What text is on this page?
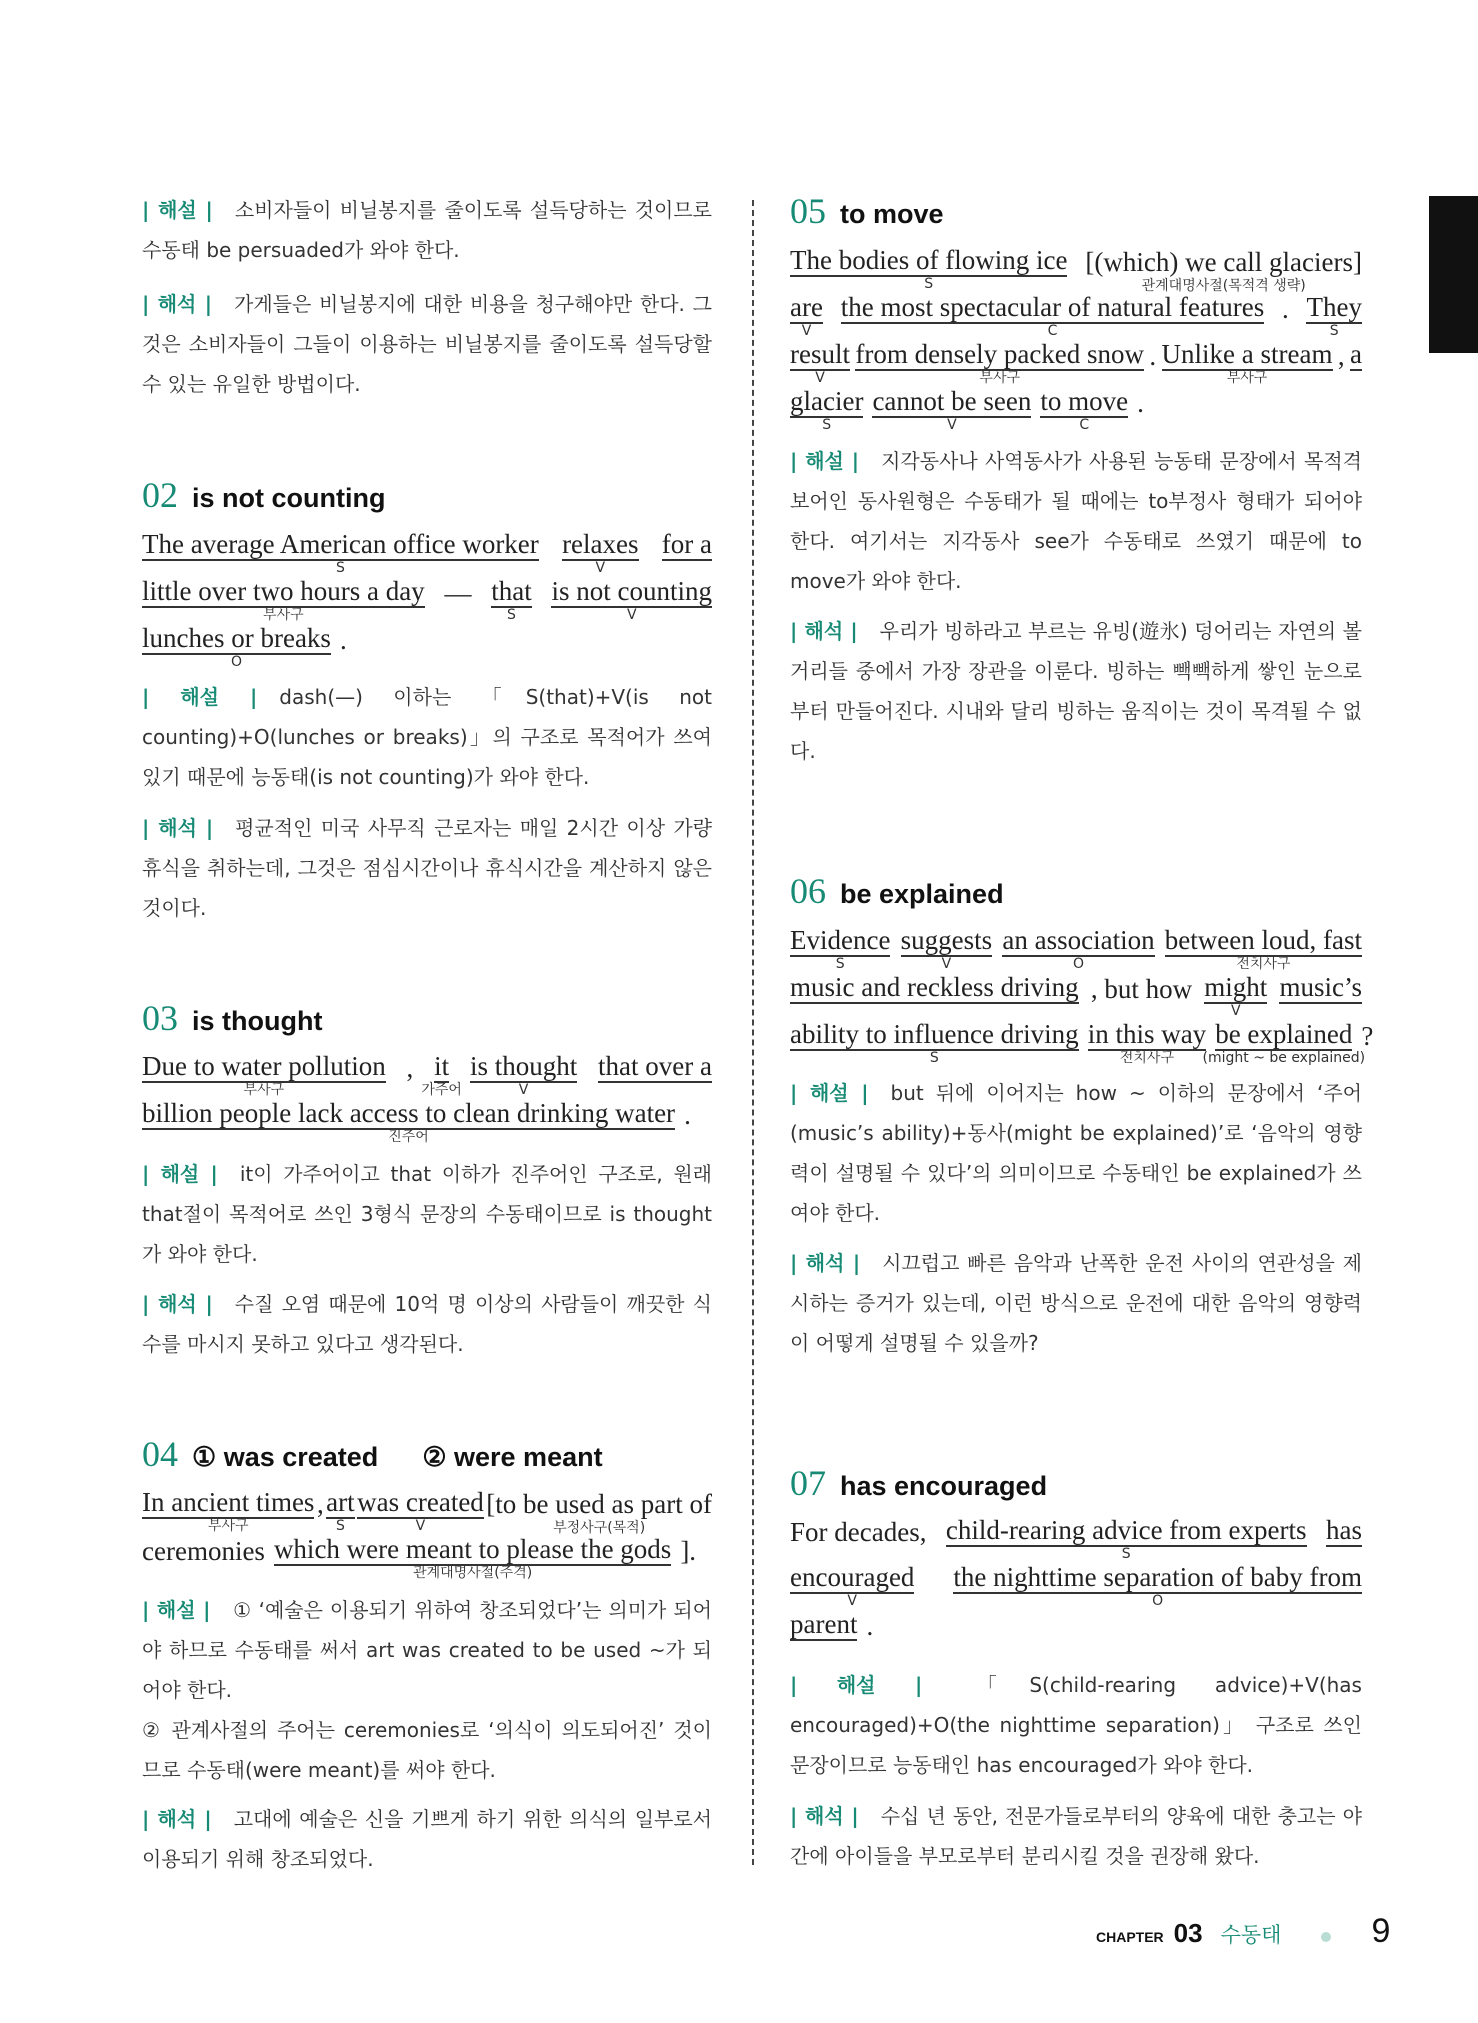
| 해설 | 소비자들이 비닐봉지를 줄이도록 설득당하는 것이므로 수동태 be persuaded가 와야 한다.
| 해석 | 가게들은 비닐봉지에 대한 비용을 청구해야만 한다. 그것은 소비자들이 그들이 이용하는 비닐봉지를 줄이도록 설득당할 수 있는 유일한 방법이다.
02 is not counting
The average American office worker
S
relaxes
V
for a
little over two hours a day
부사구
— that
S
is not counting
V
lunches or breaks
O
.
| 해설 | dash(—) 이하는 「S(that)+V(is not counting)+O(lunches or breaks)」의 구조로 목적어가 쓰여 있기 때문에 능동태(is not counting)가 와야 한다.
| 해석 | 평균적인 미국 사무직 근로자는 매일 2시간 이상 가량 휴식을 취하는데, 그것은 점심시간이나 휴식시간을 계산하지 않은 것이다.
03 is thought
Due to water pollution
부사구
, it
가주어
is thought
V
that over a
billion people lack access to clean drinking water
진주어
.
| 해설 | it이 가주어이고 that 이하가 진주어인 구조로, 원래 that절이 목적어로 쓰인 3형식 문장의 수동태이므로 is thought가 와야 한다.
| 해석 | 수질 오염 때문에 10억 명 이상의 사람들이 깨끗한 식수를 마시지 못하고 있다고 생각된다.
04 ① was created ② were meant
In ancient times
부사구
, art
S
was created
V
[to be used as part of
부정사구(목적)
ceremonies which were meant to please the gods
관계대명사절(주격)
].
| 해설 | ① ‘예술은 이용되기 위하여 창조되었다’는 의미가 되어야 하므로 수동태를 써서 art was created to be used ~가 되어야 한다.
② 관계사절의 주어는 ceremonies로 ‘의식이 의도되어진’ 것이므로 수동태(were meant)를 써야 한다.
| 해석 | 고대에 예술은 신을 기쁘게 하기 위한 의식의 일부로서 이용되기 위해 창조되었다.
05 to move
The bodies of flowing ice
S
[(which) we call glaciers]
관계대명사절(목적격 생략)
are
V
the most spectacular of natural features
C
. They
S
result
V
from densely packed snow
부사구
. Unlike a stream
부사구
, a
glacier
S
cannot be seen
V
to move
C
.
| 해설 | 지각동사나 사역동사가 사용된 능동태 문장에서 목적격 보어인 동사원형은 수동태가 될 때에는 to부정사 형태가 되어야 한다. 여기서는 지각동사 see가 수동태로 쓰였기 때문에 to move가 와야 한다.
| 해석 | 우리가 빙하라고 부르는 유빙(遊氷) 덩어리는 자연의 볼거리들 중에서 가장 장관을 이룬다. 빙하는 빽빽하게 쌓인 눈으로부터 만들어진다. 시내와 달리 빙하는 움직이는 것이 목격될 수 없다.
06 be explained
Evidence
S
suggests
V
an association
O
between loud, fast
전치사구
music and reckless driving , but how might
V
music’s
ability to influence driving
S
in this way
전치사구
be explained
(might ~ be explained)
?
| 해설 | but 뒤에 이어지는 how ~ 이하의 문장에서 ‘주어(music’s ability)+동사(might be explained)’로 ‘음악의 영향력이 설명될 수 있다’의 의미이므로 수동태인 be explained가 쓰여야 한다.
| 해석 | 시끄럽고 빠른 음악과 난폭한 운전 사이의 연관성을 제시하는 증거가 있는데, 이런 방식으로 운전에 대한 음악의 영향력이 어떻게 설명될 수 있을까?
07 has encouraged
For decades, child-rearing advice from experts
S
has
encouraged
V
the nighttime separation of baby from
O
parent .
| 해설 | 「S(child-rearing advice)+V(has encouraged)+O(the nighttime separation)」 구조로 쓰인 문장이므로 능동태인 has encouraged가 와야 한다.
| 해석 | 수십 년 동안, 전문가들로부터의 양육에 대한 충고는 야간에 아이들을 부모로부터 분리시킬 것을 권장해 왔다.
CHAPTER 03 수동태	9
